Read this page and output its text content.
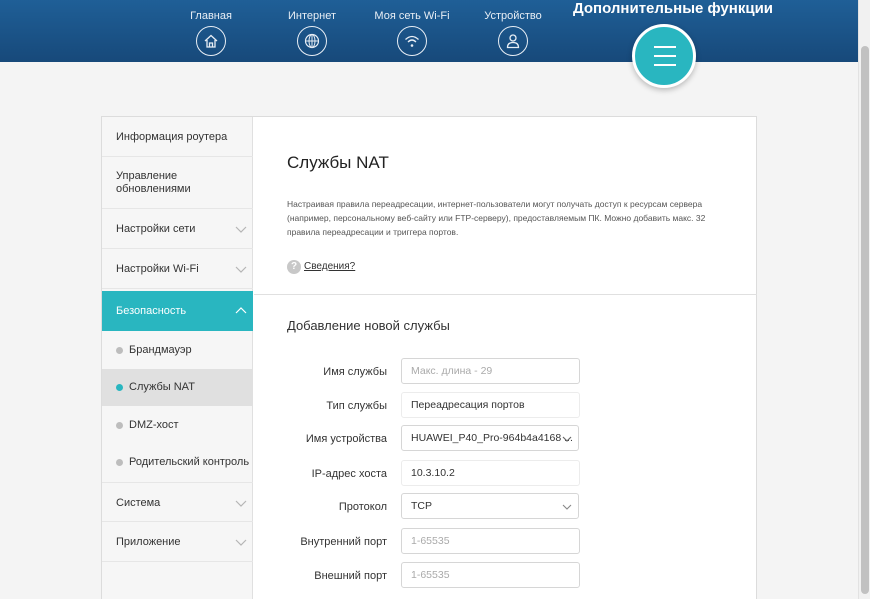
Главная	Интернет	Моя сеть Wi-Fi	Устройство	Дополнительные функции
Информация роутера
Управление обновлениями
Настройки сети
Настройки Wi-Fi
Безопасность
Брандмауэр
Службы NAT
DMZ-хост
Родительский контроль
Система
Приложение
Службы NAT
Настраивая правила переадресации, интернет-пользователи могут получать доступ к ресурсам сервера (например, персональному веб-сайту или FTP-серверу), предоставляемым ПК. Можно добавить макс. 32 правила переадресации и триггера портов.
? Сведения?
Добавление новой службы
Имя службы	Макс. длина - 29
Тип службы	Переадресация портов
Имя устройства	HUAWEI_P40_Pro-964b4a4168 ...
IP-адрес хоста	10.3.10.2
Протокол	TCP
Внутренний порт	1-65535
Внешний порт	1-65535
